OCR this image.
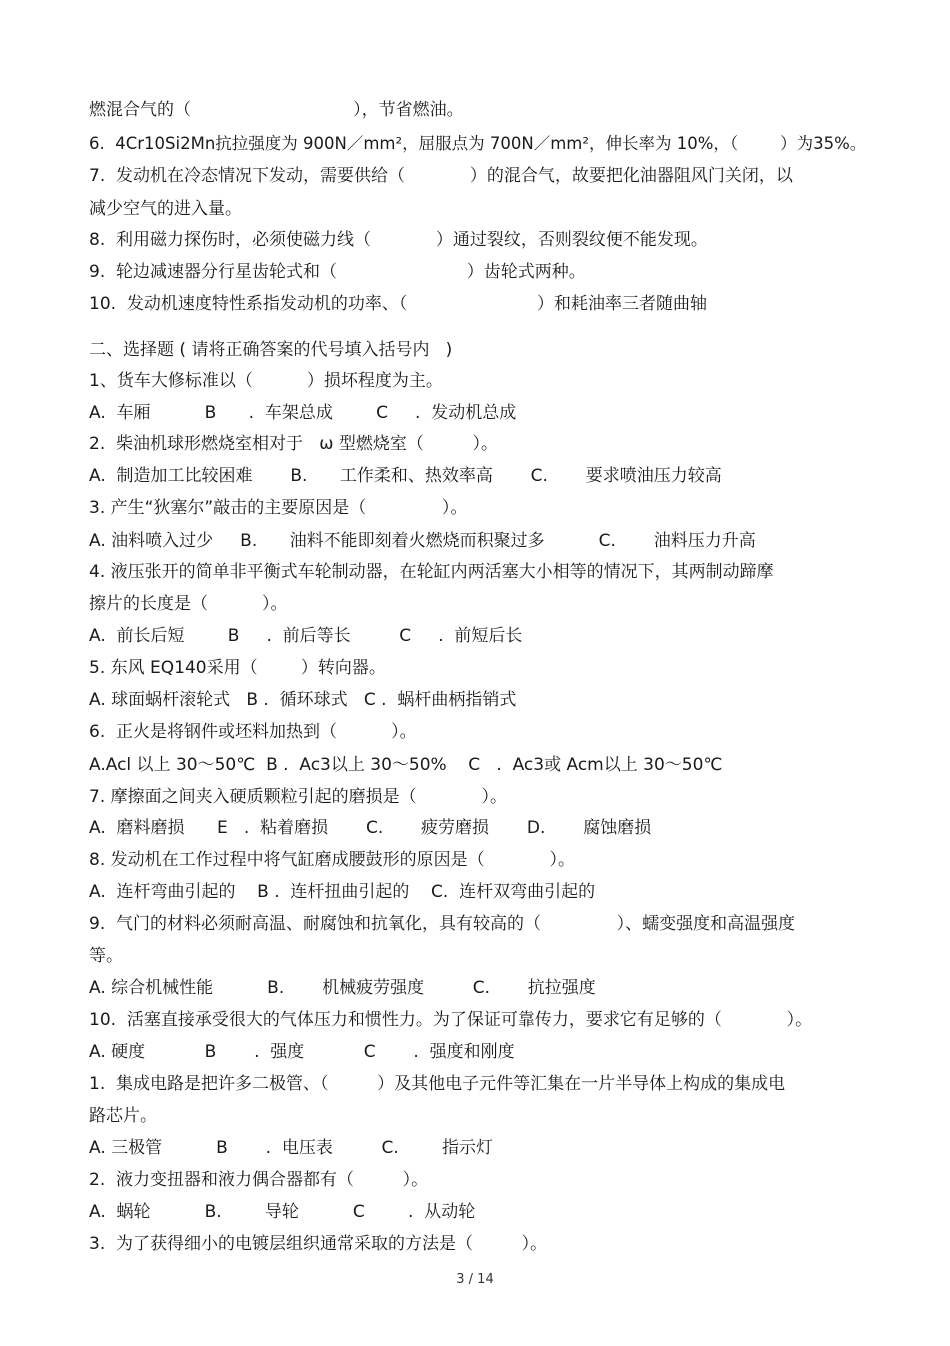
燃混合气的（                              ），节省燃油。
6.  4Cr10Si2Mn抗拉强度为 900N／mm²，屈服点为 700N／mm²，伸长率为 10%，（        ）为35%。
7.  发动机在冷态情况下发动，需要供给（            ）的混合气，故要把化油器阻风门关闭，以
减少空气的进入量。
8.  利用磁力探伤时，必须使磁力线（            ）通过裂纹，否则裂纹便不能发现。
9.  轮边减速器分行星齿轮式和（                        ）齿轮式两种。
10.  发动机速度特性系指发动机的功率、（                        ）和耗油率三者随曲轴
二、选择题 ( 请将正确答案的代号填入括号内   )
1、货车大修标准以（          ）损坏程度为主。
A.  车厢          B      .  车架总成        C     .  发动机总成
2.  柴油机球形燃烧室相对于   ω 型燃烧室（         ）。
A.  制造加工比较困难       B.      工作柔和、热效率高       C.       要求喷油压力较高
3. 产生“狄塞尔”敲击的主要原因是（              ）。
A. 油料喷入过少     B.      油料不能即刻着火燃烧而积聚过多          C.       油料压力升高
4. 液压张开的简单非平衡式车轮制动器，在轮缸内两活塞大小相等的情况下，其两制动蹄摩
擦片的长度是（          ）。
A.  前长后短        B     .  前后等长         C     .  前短后长
5. 东风 EQ140采用（        ）转向器。
A. 球面蜗杆滚轮式   B .  循环球式   C .  蜗杆曲柄指销式
6.  正火是将钢件或坯料加热到（          ）。
A.Acl 以上 30～50℃  B .  Ac3以上 30～50%    C   .  Ac3或 Acm以上 30～50℃
7. 摩擦面之间夹入硬质颗粒引起的磨损是（            ）。
A.  磨料磨损      E   .  粘着磨损       C.       疲劳磨损       D.       腐蚀磨损
8. 发动机在工作过程中将气缸磨成腰鼓形的原因是（            ）。
A.  连杆弯曲引起的    B .  连杆扭曲引起的    C.  连杆双弯曲引起的
9.  气门的材料必须耐高温、耐腐蚀和抗氧化，具有较高的（              ）、蠕变强度和高温强度
等。
A. 综合机械性能          B.       机械疲劳强度         C.       抗拉强度
10.  活塞直接承受很大的气体压力和惯性力。为了保证可靠传力，要求它有足够的（            ）。
A. 硬度           B       .  强度           C       .  强度和刚度
1.  集成电路是把许多二极管、（         ）及其他电子元件等汇集在一片半导体上构成的集成电
路芯片。
A. 三极管          B       .  电压表         C.        指示灯
2.  液力变扭器和液力偶合器都有（         ）。
A.  蜗轮          B.        导轮          C        .  从动轮
3.  为了获得细小的电镀层组织通常采取的方法是（         ）。
3 / 14
